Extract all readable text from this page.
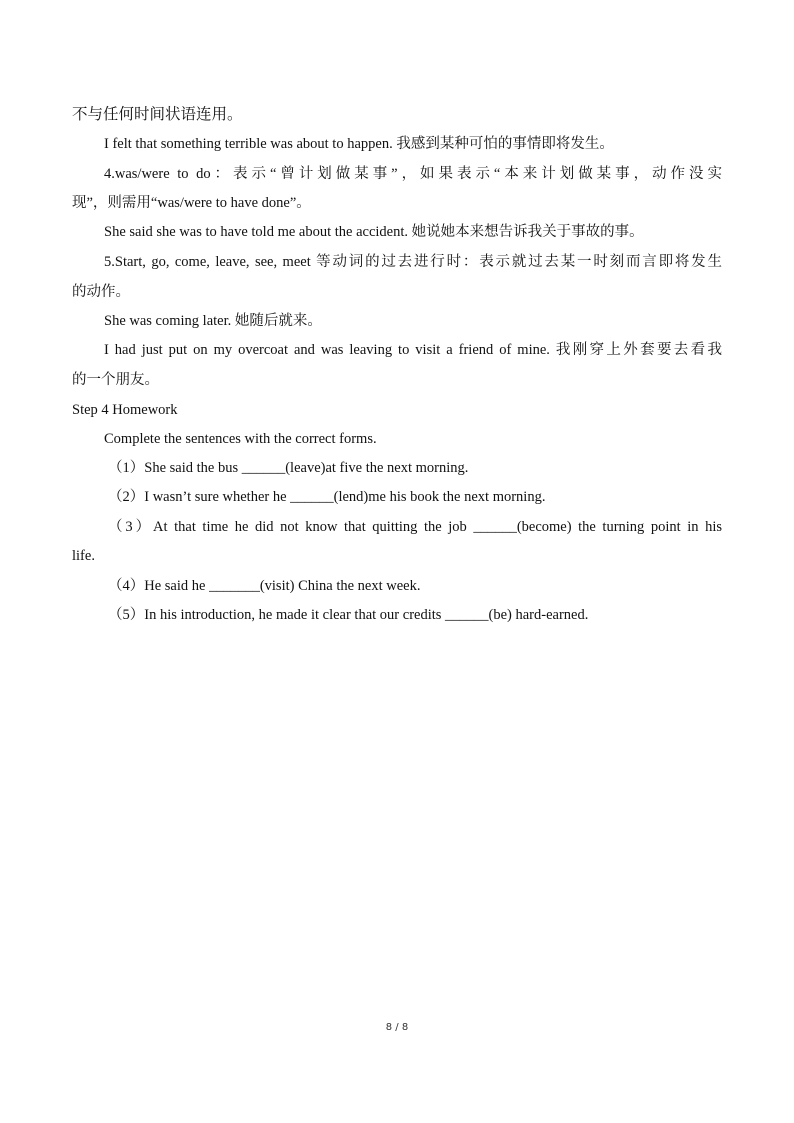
不与任何时间状语连用。
I felt that something terrible was about to happen. 我感到某种可怕的事情即将发生。
4.was/were to do：表示“曾计划做某事”，如果表示“本来计划做某事，动作没实
现”，则需用“was/were to have done”。
She said she was to have told me about the accident. 她说她本来想告诉我关于事故的事。
5.Start, go, come, leave, see, meet 等动词的过去进行时：表示就过去某一时刻而言即将发生
的动作。
She was coming later. 她随后就来。
I had just put on my overcoat and was leaving to visit a friend of mine. 我刚穿上外套要去看我
的一个朋友。
Step 4 Homework
Complete the sentences with the correct forms.
（1）She said the bus ______(leave)at five the next morning.
（2）I wasn’t sure whether he ______(lend)me his book the next morning.
（3）At that time he did not know that quitting the job ______(become) the turning point in his
life.
（4）He said he _______(visit) China the next week.
（5）In his introduction, he made it clear that our credits ______(be) hard-earned.
8 / 8
